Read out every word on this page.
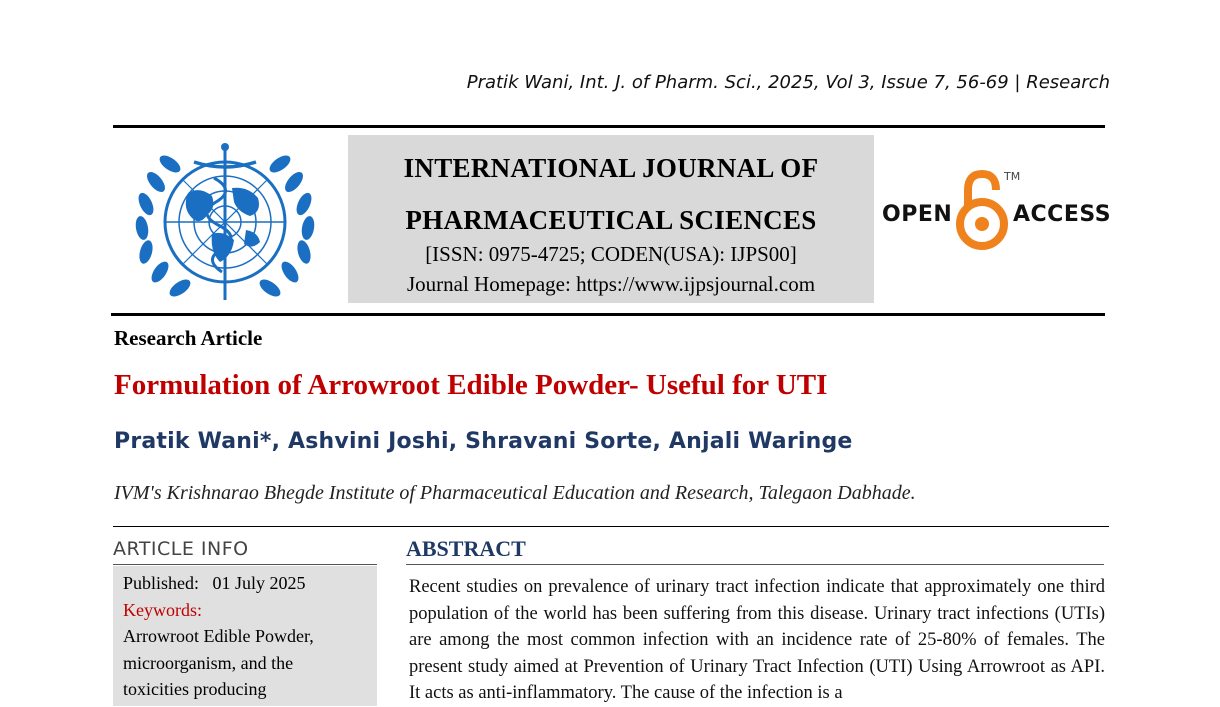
Pratik Wani, Int. J. of Pharm. Sci., 2025, Vol 3, Issue 7, 56-69 | Research
INTERNATIONAL JOURNAL OF
PHARMACEUTICAL SCIENCES
[ISSN: 0975-4725; CODEN(USA): IJPS00]
Journal Homepage: https://www.ijpsjournal.com
OPEN
TM
ACCESS
Research Article
Formulation of Arrowroot Edible Powder- Useful for UTI
Pratik Wani*, Ashvini Joshi, Shravani Sorte, Anjali Waringe
IVM's Krishnarao Bhegde Institute of Pharmaceutical Education and Research, Talegaon Dabhade.
ARTICLE INFO
Published: 01 July 2025
Keywords:
Arrowroot Edible Powder,
microorganism, and the
toxicities producing
ABSTRACT
Recent studies on prevalence of urinary tract infection indicate that approximately one third population of the world has been suffering from this disease. Urinary tract infections (UTIs) are among the most common infection with an incidence rate of 25-80% of females. The present study aimed at Prevention of Urinary Tract Infection (UTI) Using Arrowroot as API. It acts as anti-inflammatory. The cause of the infection is a
